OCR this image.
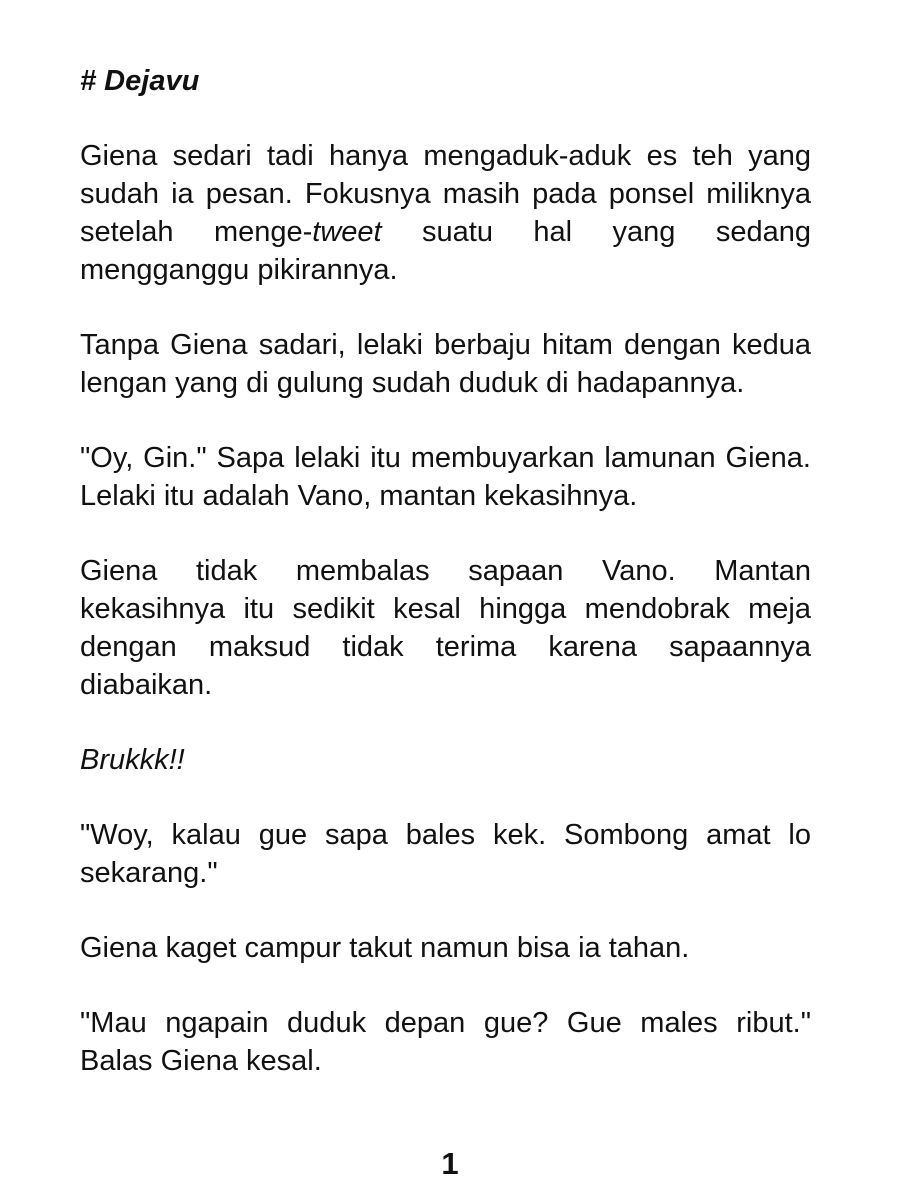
# Dejavu

Giena sedari tadi hanya mengaduk-aduk es teh yang sudah ia pesan. Fokusnya masih pada ponsel miliknya setelah menge-tweet suatu hal yang sedang mengganggu pikirannya.

Tanpa Giena sadari, lelaki berbaju hitam dengan kedua lengan yang di gulung sudah duduk di hadapannya.

"Oy, Gin." Sapa lelaki itu membuyarkan lamunan Giena. Lelaki itu adalah Vano, mantan kekasihnya.

Giena tidak membalas sapaan Vano. Mantan kekasihnya itu sedikit kesal hingga mendobrak meja dengan maksud tidak terima karena sapaannya diabaikan.

Brukkk!!

"Woy, kalau gue sapa bales kek. Sombong amat lo sekarang."

Giena kaget campur takut namun bisa ia tahan.

"Mau ngapain duduk depan gue? Gue males ribut." Balas Giena kesal.

1
